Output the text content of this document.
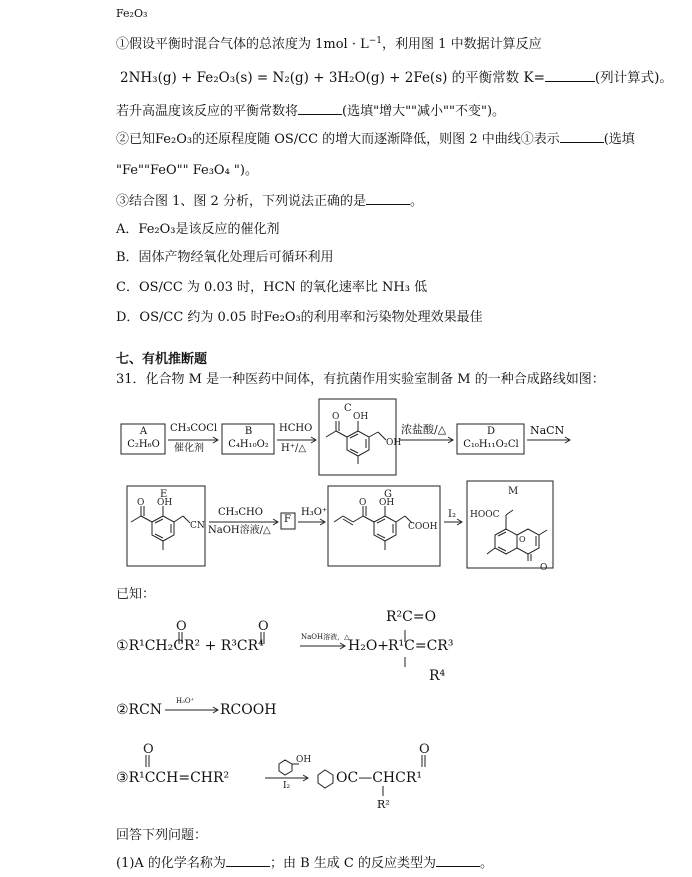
Fe₂O₃
①假设平衡时混合气体的总浓度为 $1mol \cdot L^{-1}$，利用图 1 中数据计算反应
2NH₃(g) + Fe₂O₃(s) = N₂(g) + 3H₂O(g) + 2Fe(s) 的平衡常数 K=	(列计算式)。
若升高温度该反应的平衡常数将	(选填"增大""减小""不变")。
②已知Fe₂O₃的还原程度随 OS/CC 的增大而逐渐降低，则图 2 中曲线①表示	(选填
"Fe""FeO"" Fe₃O₄ ")。
③结合图 1、图 2 分析，下列说法正确的是	。
A．Fe₂O₃是该反应的催化剂
B．固体产物经氧化处理后可循环利用
C．OS/CC 为 0.03 时，HCN 的氧化速率比 NH₃ 低
D．OS/CC 约为 0.05 时Fe₂O₃的利用率和污染物处理效果最佳
七、有机推断题
31．化合物 M 是一种医药中间体，有抗菌作用实验室制备 M 的一种合成路线如图：
C
O OH
OH
E
O OH
CN
G
O OH
COOH
M
HOOC
O
O
O	O
O	O
OH
A
C₂H₆O
CH₃COCl
催化剂
B
C₄H₁₀O₂
HCHO
H⁺/△
浓盐酸/△	D
C₁₀H₁₁O₂Cl
NaCN
CH₃CHO
NaOH溶液/△
F
H₃O⁺	I₂
已知：
①R¹CH₂CR² + R³CR⁴
NaOH溶液，△
H₂O+
R²C=O
R¹C=CR³
R⁴
②RCN
H₃O⁺
RCOOH
③R¹CCH=CHR²	I₂	OC—CHCR¹
R²
回答下列问题：
(1)A 的化学名称为	；由 B 生成 C 的反应类型为	。
